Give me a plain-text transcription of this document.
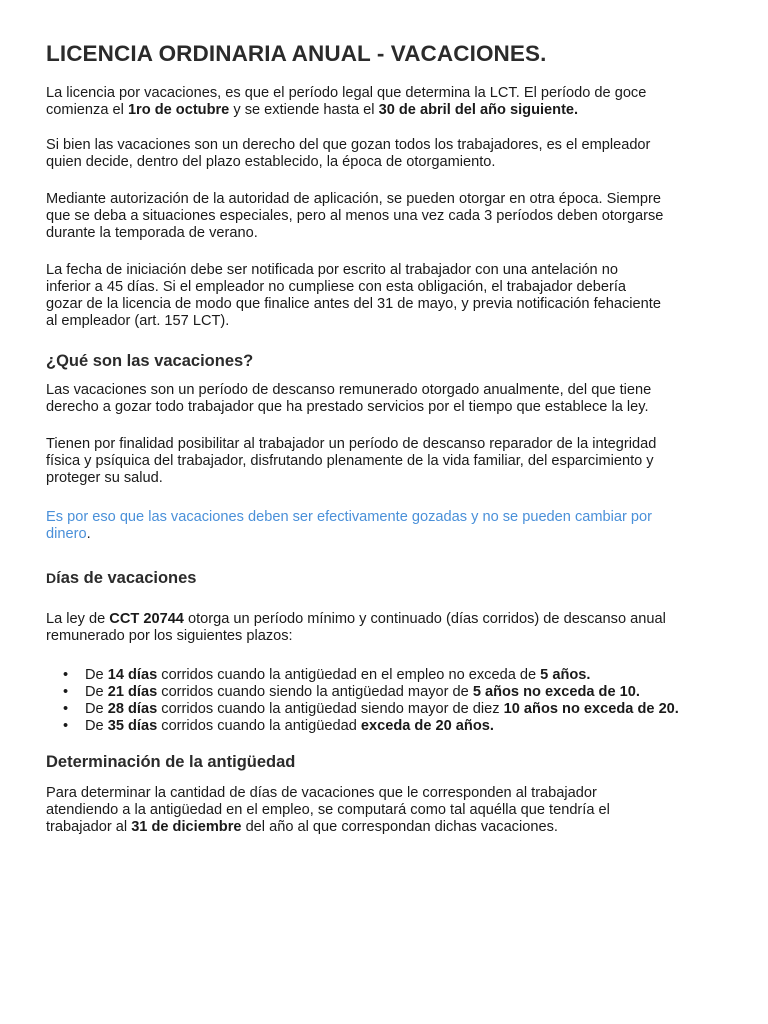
LICENCIA ORDINARIA ANUAL - VACACIONES.

La licencia por vacaciones, es que el período legal que determina la LCT. El período de goce comienza el 1ro de octubre y se extiende hasta el 30 de abril del año siguiente.

Si bien las vacaciones son un derecho del que gozan todos los trabajadores, es el empleador quien decide, dentro del plazo establecido, la época de otorgamiento.

Mediante autorización de la autoridad de aplicación, se pueden otorgar en otra época. Siempre que se deba a situaciones especiales, pero al menos una vez cada 3 períodos deben otorgarse durante la temporada de verano.

La fecha de iniciación debe ser notificada por escrito al trabajador con una antelación no inferior a 45 días. Si el empleador no cumpliese con esta obligación, el trabajador debería gozar de la licencia de modo que finalice antes del 31 de mayo, y previa notificación fehaciente al empleador (art. 157 LCT).

¿Qué son las vacaciones?

Las vacaciones son un período de descanso remunerado otorgado anualmente, del que tiene derecho a gozar todo trabajador que ha prestado servicios por el tiempo que establece la ley.

Tienen por finalidad posibilitar al trabajador un período de descanso reparador de la integridad física y psíquica del trabajador, disfrutando plenamente de la vida familiar, del esparcimiento y proteger su salud.

Es por eso que las vacaciones deben ser efectivamente gozadas y no se pueden cambiar por dinero.

Días de vacaciones

La ley de CCT 20744 otorga un período mínimo y continuado (días corridos) de descanso anual remunerado por los siguientes plazos:

• De 14 días corridos cuando la antigüedad en el empleo no exceda de 5 años.
• De 21 días corridos cuando siendo la antigüedad mayor de 5 años no exceda de 10.
• De 28 días corridos cuando la antigüedad siendo mayor de diez 10 años no exceda de 20.
• De 35 días corridos cuando la antigüedad exceda de 20 años.
Determinación de la antigüedad

Para determinar la cantidad de días de vacaciones que le corresponden al trabajador atendiendo a la antigüedad en el empleo, se computará como tal aquélla que tendría el trabajador al 31 de diciembre del año al que correspondan dichas vacaciones.
